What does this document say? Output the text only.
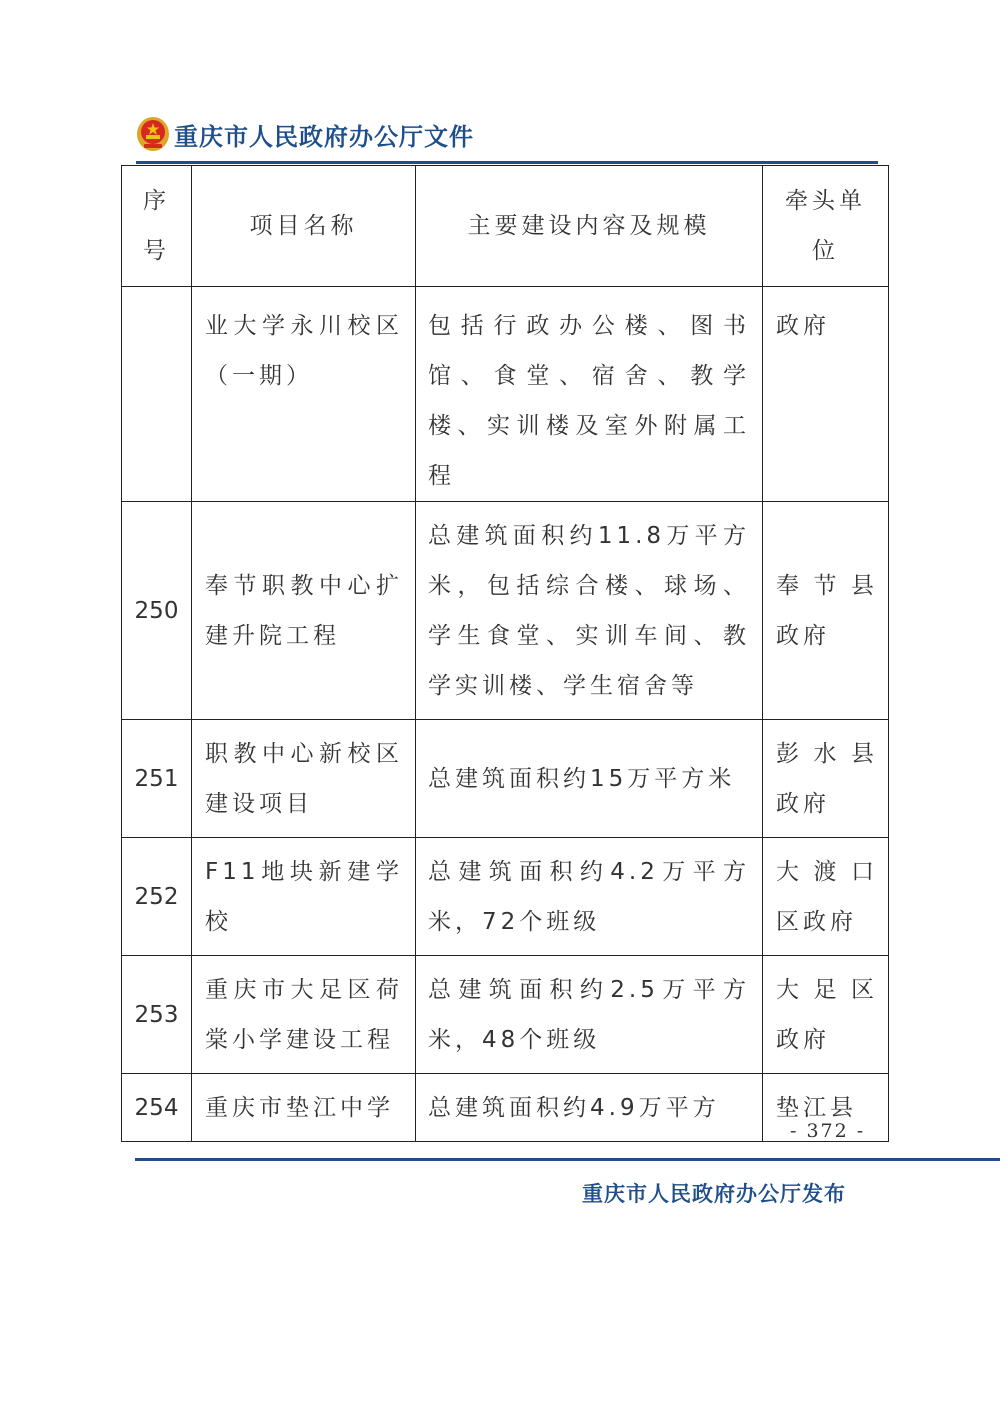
重庆市人民政府办公厅文件
序号	项目名称	主要建设内容及规模	牵头单位
	业大学永川校区（一期）	包括行政办公楼、图书馆、食堂、宿舍、教学楼、实训楼及室外附属工程	政府
250	奉节职教中心扩建升院工程	总建筑面积约11.8万平方米，包括综合楼、球场、学生食堂、实训车间、教学实训楼、学生宿舍等	奉节县政府
251	职教中心新校区建设项目	总建筑面积约15万平方米	彭水县政府
252	F11地块新建学校	总建筑面积约4.2万平方米，72个班级	大渡口区政府
253	重庆市大足区荷棠小学建设工程	总建筑面积约2.5万平方米，48个班级	大足区政府
254	重庆市垫江中学	总建筑面积约4.9万平方	垫江县
- 372 -
重庆市人民政府办公厅发布
